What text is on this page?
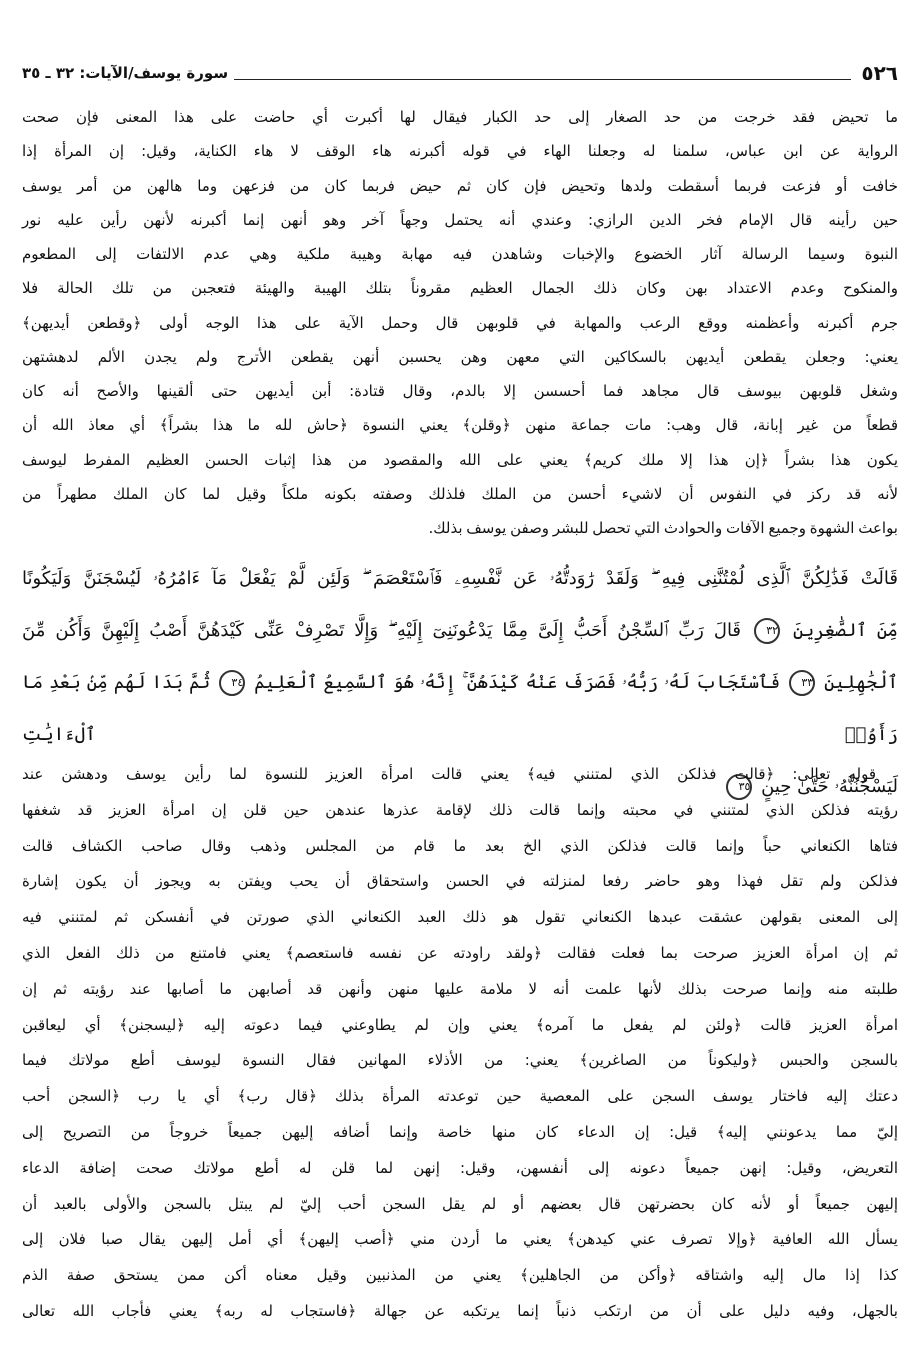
٥٢٦
سورة يوسف/الآيات: ٣٢ ـ ٣٥
ما تحيض فقد خرجت من حد الصغار إلى حد الكبار فيقال لها أكبرت أي حاضت على هذا المعنى فإن صحت
الرواية عن ابن عباس، سلمنا له وجعلنا الهاء في قوله أكبرنه هاء الوقف لا هاء الكناية، وقيل: إن المرأة إذا
خافت أو فزعت فربما أسقطت ولدها وتحيض فإن كان ثم حيض فربما كان من فزعهن وما هالهن من أمر يوسف
حين رأينه قال الإمام فخر الدين الرازي: وعندي أنه يحتمل وجهاً آخر وهو أنهن إنما أكبرنه لأنهن رأين عليه نور
النبوة وسيما الرسالة آثار الخضوع والإخبات وشاهدن فيه مهابة وهيبة ملكية وهي عدم الالتفات إلى المطعوم
والمنكوح وعدم الاعتداد بهن وكان ذلك الجمال العظيم مقروناً بتلك الهيبة والهيئة فتعجبن من تلك الحالة فلا
جرم أكبرنه وأعظمنه ووقع الرعب والمهابة في قلوبهن قال وحمل الآية على هذا الوجه أولى ﴿وقطعن أيديهن﴾
يعني: وجعلن يقطعن أيديهن بالسكاكين التي معهن وهن يحسبن أنهن يقطعن الأترج ولم يجدن الألم لدهشتهن
وشغل قلوبهن بيوسف قال مجاهد فما أحسسن إلا بالدم، وقال قتادة: أبن أيديهن حتى ألقينها والأصح أنه كان
قطعاً من غير إبانة، قال وهب: مات جماعة منهن ﴿وقلن﴾ يعني النسوة ﴿حاش لله ما هذا بشراً﴾ أي معاذ الله أن
يكون هذا بشراً ﴿إن هذا إلا ملك كريم﴾ يعني على الله والمقصود من هذا إثبات الحسن العظيم المفرط ليوسف
لأنه قد ركز في النفوس أن لاشيء أحسن من الملك فلذلك وصفته بكونه ملكاً وقيل لما كان الملك مطهراً من
بواعث الشهوة وجميع الآفات والحوادث التي تحصل للبشر وصفن يوسف بذلك.
قَالَتْ فَذَٰلِكُنَّ ٱلَّذِى لُمْتُنَّنِى فِيهِ ۖ وَلَقَدْ رَٰوَدتُّهُۥ عَن نَّفْسِهِۦ فَٱسْتَعْصَمَ ۖ وَلَئِن لَّمْ يَفْعَلْ مَآ ءَامُرُهُۥ لَيُسْجَنَنَّ وَلَيَكُونًا
مِّنَ ٱلصَّٰغِرِينَ ٣٢ قَالَ رَبِّ ٱلسِّجْنُ أَحَبُّ إِلَىَّ مِمَّا يَدْعُونَنِىٓ إِلَيْهِ ۖ وَإِلَّا تَصْرِفْ عَنِّى كَيْدَهُنَّ أَصْبُ إِلَيْهِنَّ وَأَكُن مِّنَ
ٱلْجَٰهِلِينَ ٣٣ فَٱسْتَجَابَ لَهُۥ رَبُّهُۥ فَصَرَفَ عَنْهُ كَيْدَهُنَّ ۚ إِنَّهُۥ هُوَ ٱلسَّمِيعُ ٱلْعَلِيمُ ٣٤ ثُمَّ بَدَا لَهُم مِّنۢ بَعْدِ مَا رَأَوُا۟ ٱلْءَايَٰتِ
لَيَسْجُنُنَّهُۥ حَتَّىٰ حِينٍ ٣٥
قوله تعالى: ﴿قالت فذلكن الذي لمتنني فيه﴾ يعني قالت امرأة العزيز للنسوة لما رأين يوسف ودهشن عند
رؤيته فذلكن الذي لمتنني في محبته وإنما قالت ذلك لإقامة عذرها عندهن حين قلن إن امرأة العزيز قد شغفها
فتاها الكنعاني حباً وإنما قالت فذلكن الذي الخ بعد ما قام من المجلس وذهب وقال صاحب الكشاف قالت
فذلكن ولم تقل فهذا وهو حاضر رفعا لمنزلته في الحسن واستحقاق أن يحب ويفتن به ويجوز أن يكون إشارة
إلى المعنى بقولهن عشقت عبدها الكنعاني تقول هو ذلك العبد الكنعاني الذي صورتن في أنفسكن ثم لمتنني فيه
ثم إن امرأة العزيز صرحت بما فعلت فقالت ﴿ولقد راودته عن نفسه فاستعصم﴾ يعني فامتنع من ذلك الفعل الذي
طلبته منه وإنما صرحت بذلك لأنها علمت أنه لا ملامة عليها منهن وأنهن قد أصابهن ما أصابها عند رؤيته ثم إن
امرأة العزيز قالت ﴿ولئن لم يفعل ما آمره﴾ يعني وإن لم يطاوعني فيما دعوته إليه ﴿ليسجنن﴾ أي ليعاقبن
بالسجن والحبس ﴿وليكوناً من الصاغرين﴾ يعني: من الأذلاء المهانين فقال النسوة ليوسف أطع مولاتك فيما
دعتك إليه فاختار يوسف السجن على المعصية حين توعدته المرأة بذلك ﴿قال رب﴾ أي يا رب ﴿السجن أحب
إليّ مما يدعونني إليه﴾ قيل: إن الدعاء كان منها خاصة وإنما أضافه إليهن جميعاً خروجاً من التصريح إلى
التعريض، وقيل: إنهن جميعاً دعونه إلى أنفسهن، وقيل: إنهن لما قلن له أطع مولاتك صحت إضافة الدعاء
إليهن جميعاً أو لأنه كان بحضرتهن قال بعضهم أو لم يقل السجن أحب إليّ لم يبتل بالسجن والأولى بالعبد أن
يسأل الله العافية ﴿وإلا تصرف عني كيدهن﴾ يعني ما أردن مني ﴿أصب إليهن﴾ أي أمل إليهن يقال صبا فلان إلى
كذا إذا مال إليه واشتاقه ﴿وأكن من الجاهلين﴾ يعني من المذنبين وقيل معناه أكن ممن يستحق صفة الذم
بالجهل، وفيه دليل على أن من ارتكب ذنباً إنما يرتكبه عن جهالة ﴿فاستجاب له ربه﴾ يعني فأجاب الله تعالى
